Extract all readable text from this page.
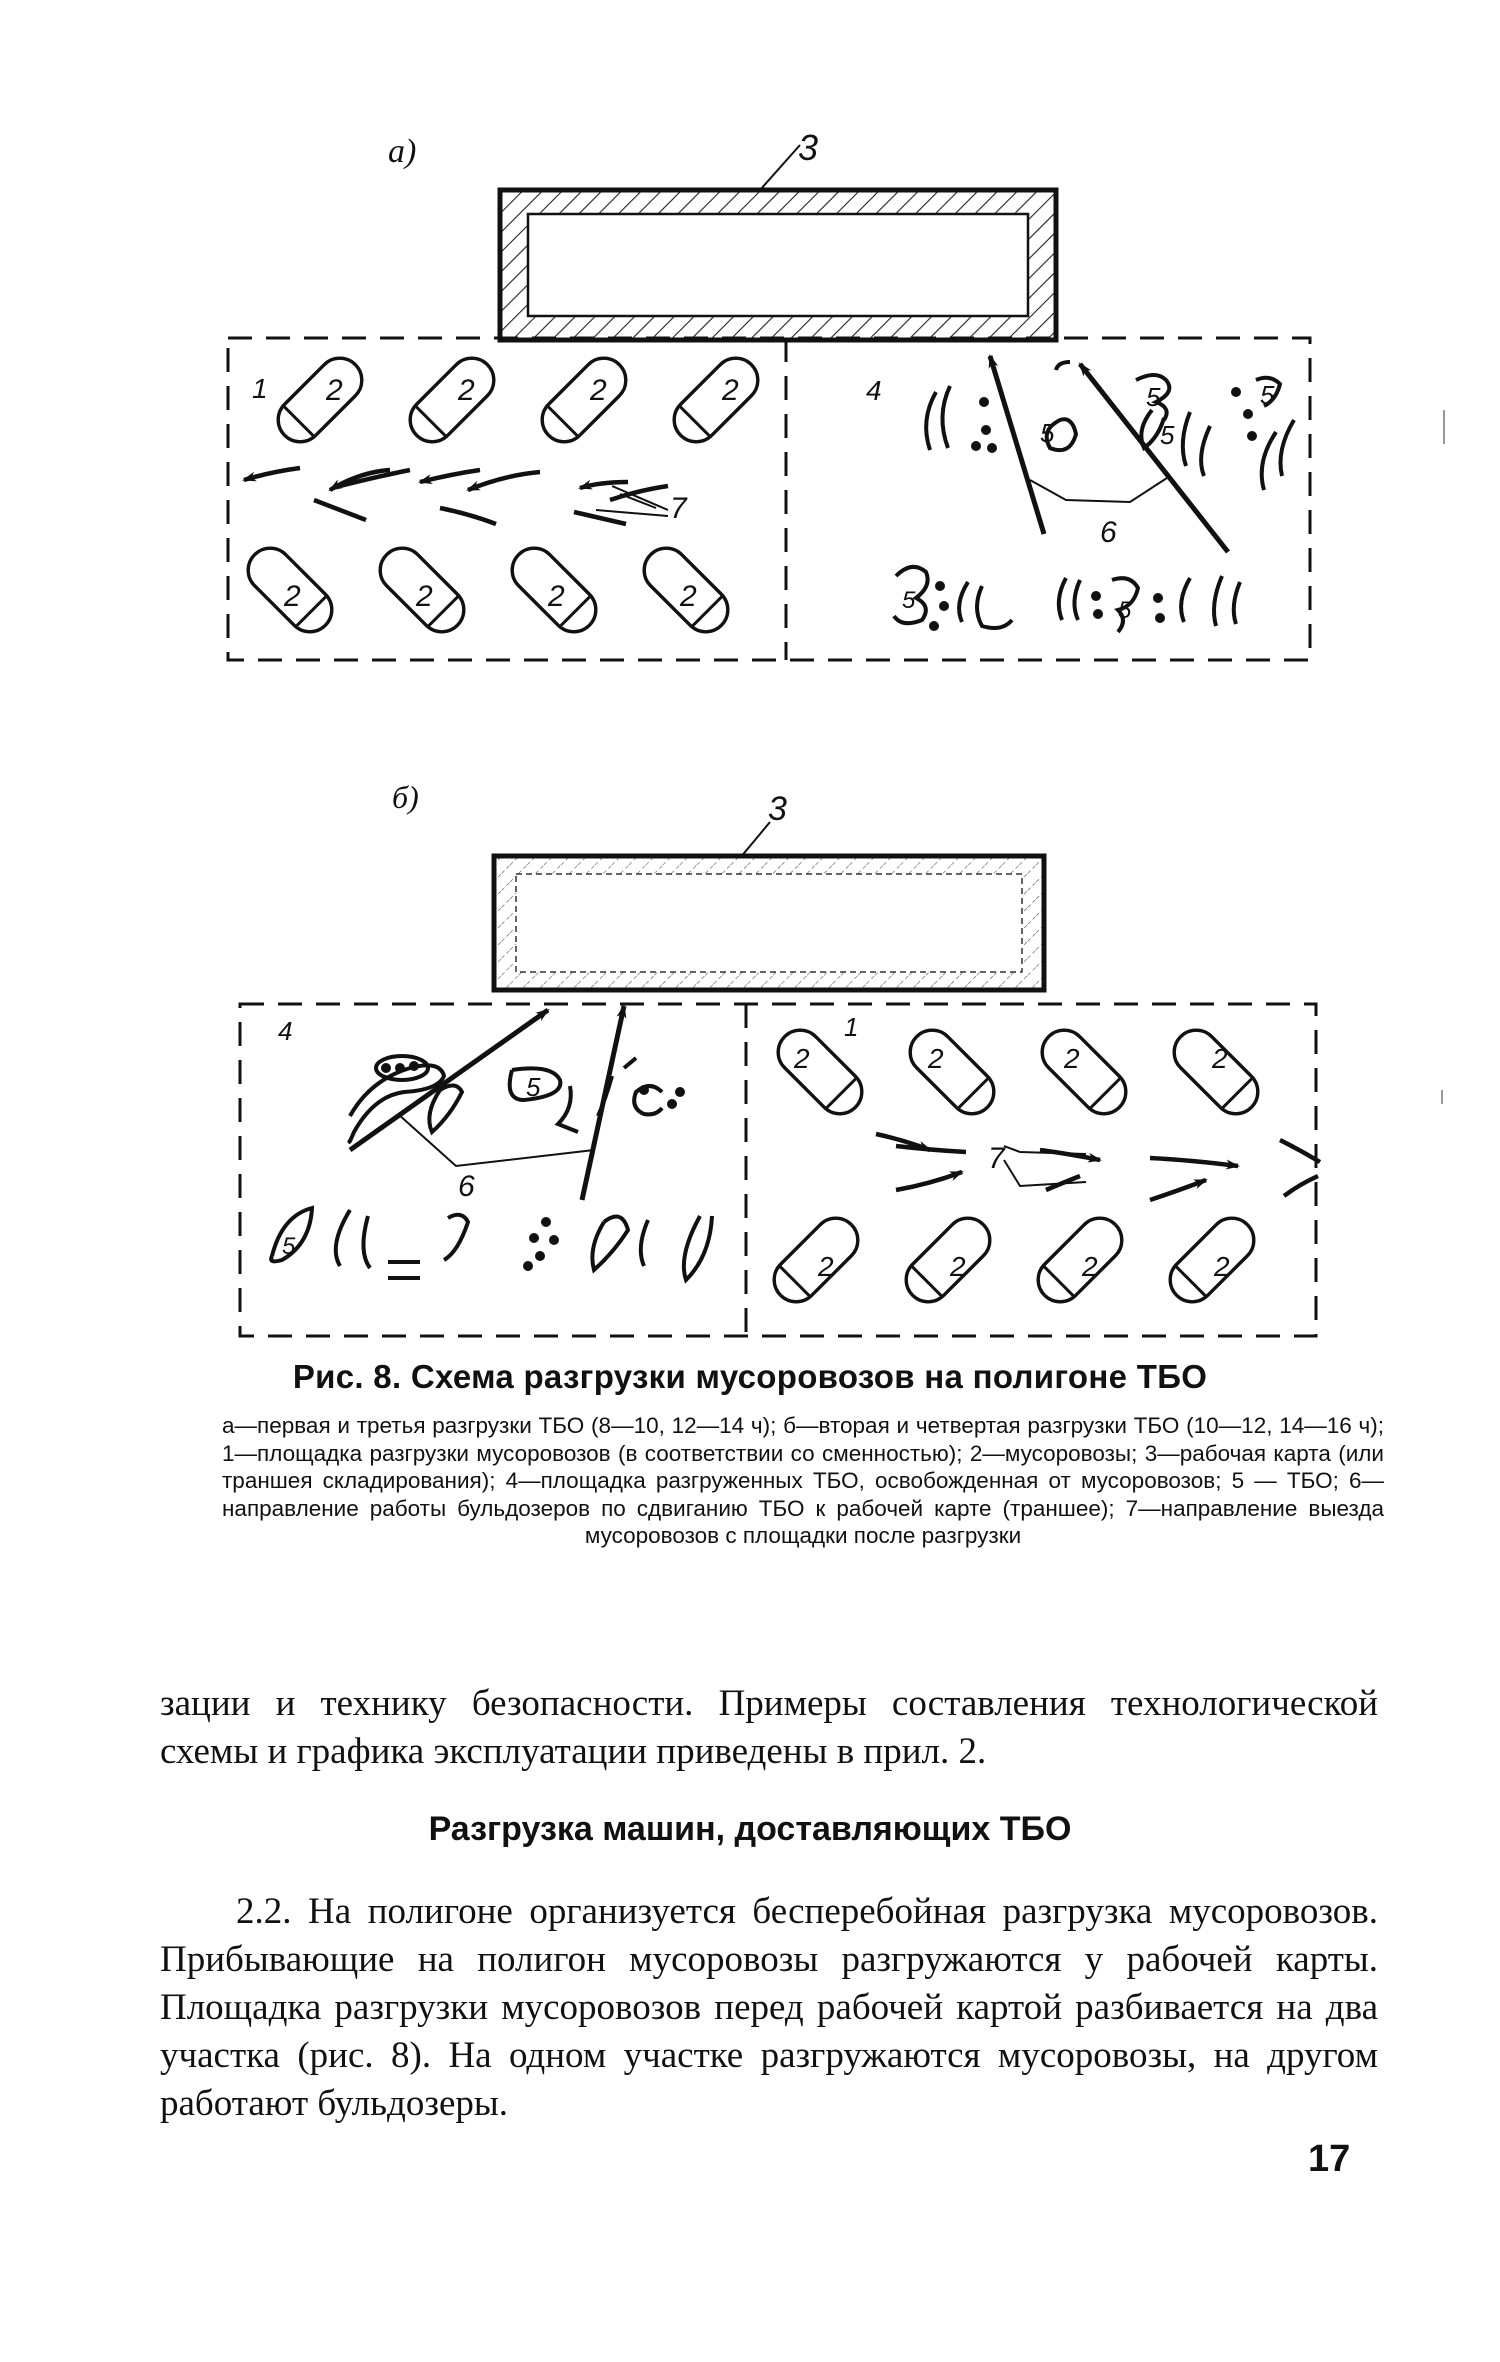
а)	3
1	4
2	2	2	2
2	2	2	2
7
5	5
5	5
6
5	5
б)	3
4	1
5
6
5
2	2	2	2
2	2	2	2
7
Рис. 8. Схема разгрузки мусоровозов на полигоне ТБО
а—первая и третья разгрузки ТБО (8—10, 12—14 ч); б—вторая и четвертая разгрузки ТБО (10—12, 14—16 ч); 1—площадка разгрузки мусоровозов (в соответствии со сменностью); 2—мусоровозы; 3—рабочая карта (или траншея складирования); 4—площадка разгруженных ТБО, освобожденная от мусоровозов; 5 — ТБО; 6—направление работы бульдозеров по сдвиганию ТБО к рабочей карте (траншее); 7—направление выезда мусоровозов с площадки после разгрузки
зации и технику безопасности. Примеры составления технологической схемы и графика эксплуатации приведены в прил. 2.
Разгрузка машин, доставляющих ТБО
2.2. На полигоне организуется бесперебойная разгрузка мусоровозов. Прибывающие на полигон мусоровозы разгружаются у рабочей карты. Площадка разгрузки мусоровозов перед рабочей картой разбивается на два участка (рис. 8). На одном участке разгружаются мусоровозы, на другом работают бульдозеры.
17
